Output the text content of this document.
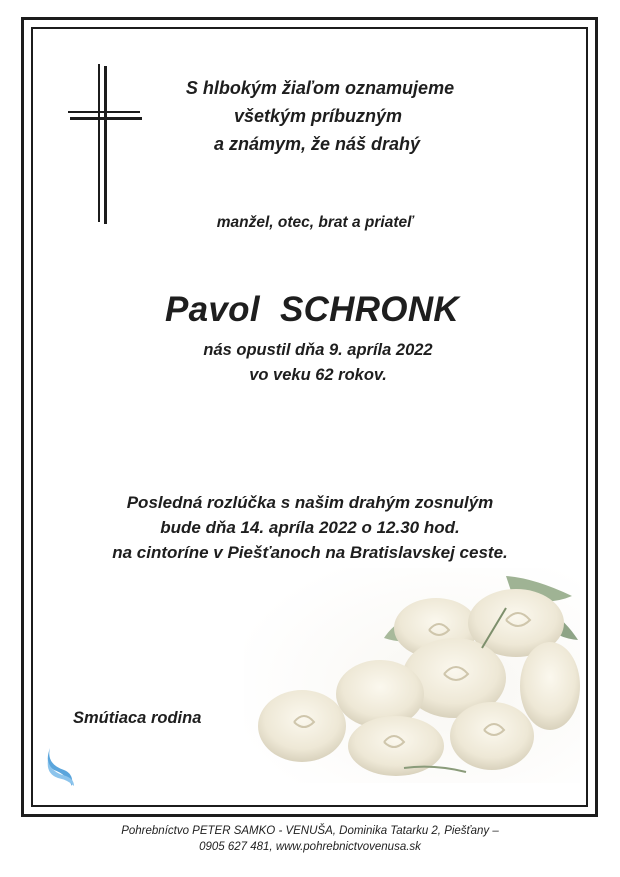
S hlbokým žiaľom oznamujeme
všetkým príbuzným
a známym, že náš drahý
manžel, otec, brat a priateľ
Pavol SCHRONK
nás opustil dňa 9. apríla 2022
vo veku 62 rokov.
Posledná rozlúčka s našim drahým zosnulým
bude dňa 14. apríla 2022 o 12.30 hod.
na cintoríne v Piešťanoch na Bratislavskej ceste.
Smútiaca rodina
Pohrebníctvo PETER SAMKO - VENUŠA, Dominika Tatarku 2, Piešťany –
0905 627 481, www.pohrebnictvovenusa.sk
